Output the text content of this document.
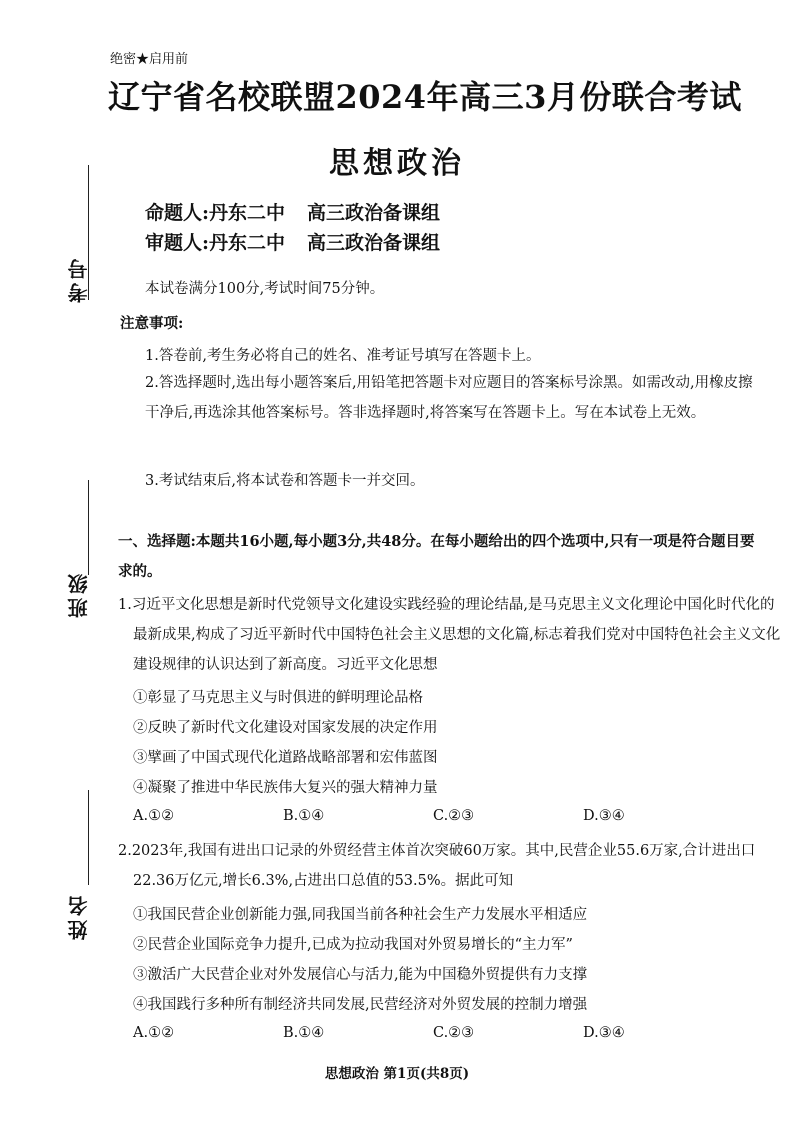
考号
班级
姓名
绝密★启用前
辽宁省名校联盟2024年高三3月份联合考试
思想政治
命题人:丹东二中 高三政治备课组
审题人:丹东二中 高三政治备课组
本试卷满分100分,考试时间75分钟。
注意事项:
1.答卷前,考生务必将自己的姓名、准考证号填写在答题卡上。
2.答选择题时,选出每小题答案后,用铅笔把答题卡对应题目的答案标号涂黑。如需改动,用橡皮擦干净后,再选涂其他答案标号。答非选择题时,将答案写在答题卡上。写在本试卷上无效。
3.考试结束后,将本试卷和答题卡一并交回。
一、选择题:本题共16小题,每小题3分,共48分。在每小题给出的四个选项中,只有一项是符合题目要求的。
1.习近平文化思想是新时代党领导文化建设实践经验的理论结晶,是马克思主义文化理论中国化时代化的最新成果,构成了习近平新时代中国特色社会主义思想的文化篇,标志着我们党对中国特色社会主义文化建设规律的认识达到了新高度。习近平文化思想
①彰显了马克思主义与时俱进的鲜明理论品格
②反映了新时代文化建设对国家发展的决定作用
③擘画了中国式现代化道路战略部署和宏伟蓝图
④凝聚了推进中华民族伟大复兴的强大精神力量
A.①②	B.①④	C.②③	D.③④
2.2023年,我国有进出口记录的外贸经营主体首次突破60万家。其中,民营企业55.6万家,合计进出口22.36万亿元,增长6.3%,占进出口总值的53.5%。据此可知
①我国民营企业创新能力强,同我国当前各种社会生产力发展水平相适应
②民营企业国际竞争力提升,已成为拉动我国对外贸易增长的“主力军”
③激活广大民营企业对外发展信心与活力,能为中国稳外贸提供有力支撑
④我国践行多种所有制经济共同发展,民营经济对外贸发展的控制力增强
A.①②	B.①④	C.②③	D.③④
思想政治 第1页(共8页)
